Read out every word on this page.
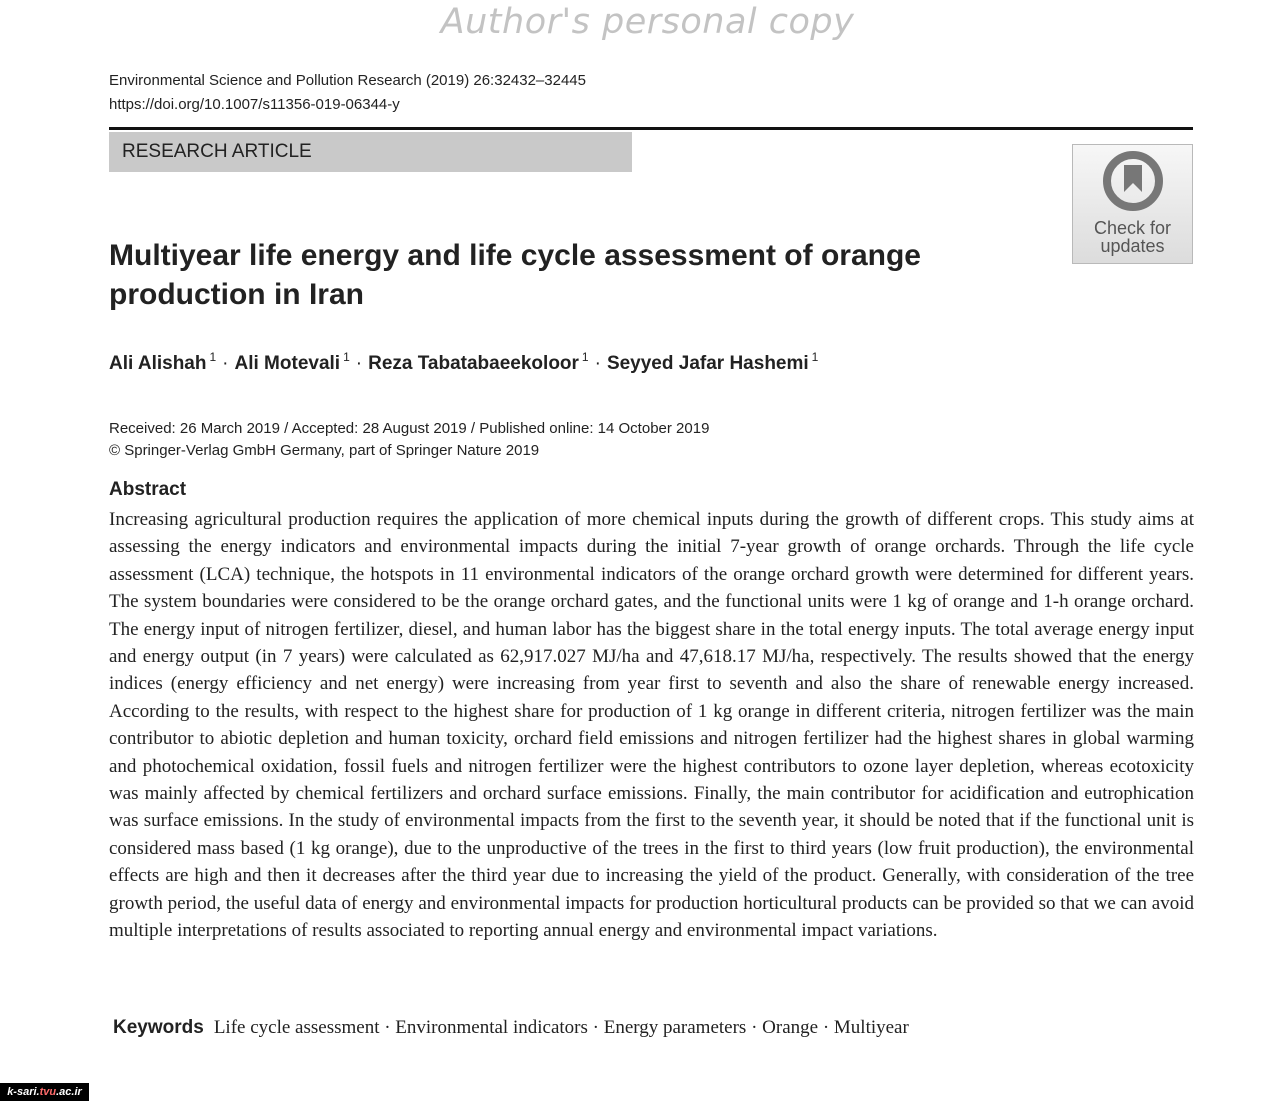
Author's personal copy
Environmental Science and Pollution Research (2019) 26:32432–32445
https://doi.org/10.1007/s11356-019-06344-y
RESEARCH ARTICLE
Check for
updates
Multiyear life energy and life cycle assessment of orange
production in Iran
Ali Alishah $^1$ · Ali Motevali $^1$ · Reza Tabatabaeekoloor $^1$ · Seyyed Jafar Hashemi $^1$
Received: 26 March 2019 / Accepted: 28 August 2019 / Published online: 14 October 2019
© Springer-Verlag GmbH Germany, part of Springer Nature 2019
Abstract
Increasing agricultural production requires the application of more chemical inputs during the growth of different crops. This study aims at assessing the energy indicators and environmental impacts during the initial 7-year growth of orange orchards. Through the life cycle assessment (LCA) technique, the hotspots in 11 environmental indicators of the orange orchard growth were determined for different years. The system boundaries were considered to be the orange orchard gates, and the functional units were 1 kg of orange and 1-h orange orchard. The energy input of nitrogen fertilizer, diesel, and human labor has the biggest share in the total energy inputs. The total average energy input and energy output (in 7 years) were calculated as 62,917.027 MJ/ha and 47,618.17 MJ/ha, respectively. The results showed that the energy indices (energy efficiency and net energy) were increasing from year first to seventh and also the share of renewable energy increased. According to the results, with respect to the highest share for production of 1 kg orange in different criteria, nitrogen fertilizer was the main contributor to abiotic depletion and human toxicity, orchard field emissions and nitrogen fertilizer had the highest shares in global warming and photochemical oxidation, fossil fuels and nitrogen fertilizer were the highest contributors to ozone layer depletion, whereas ecotoxicity was mainly affected by chemical fertilizers and orchard surface emissions. Finally, the main contributor for acidification and eutrophication was surface emissions. In the study of environmental impacts from the first to the seventh year, it should be noted that if the functional unit is considered mass based (1 kg orange), due to the unproductive of the trees in the first to third years (low fruit production), the environmental effects are high and then it decreases after the third year due to increasing the yield of the product. Generally, with consideration of the tree growth period, the useful data of energy and environmental impacts for production horticultural products can be provided so that we can avoid multiple interpretations of results associated to reporting annual energy and environmental impact variations.
Keywords Life cycle assessment · Environmental indicators · Energy parameters · Orange · Multiyear
k-sari.tvu.ac.ir
